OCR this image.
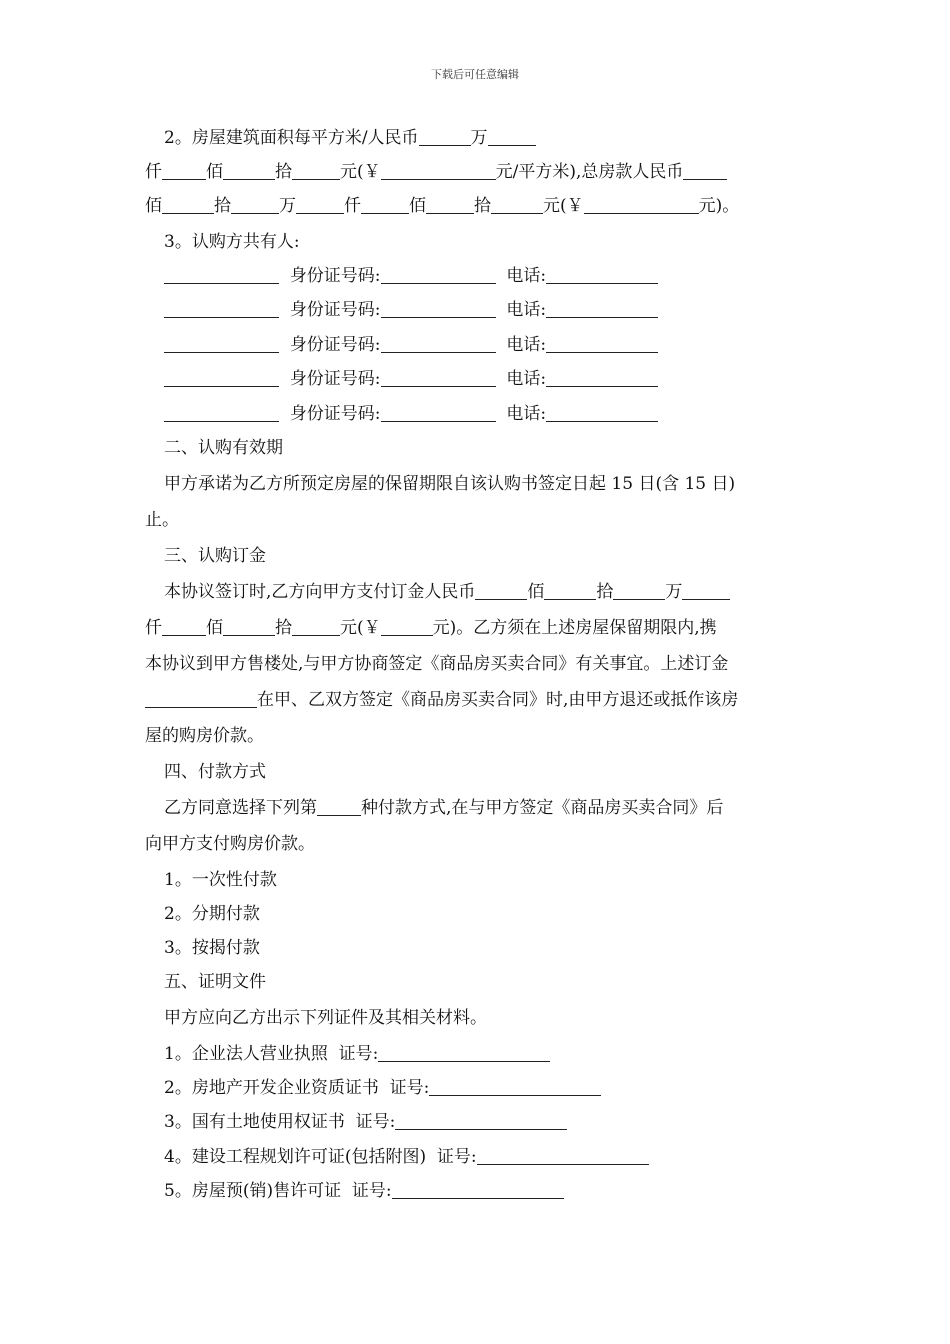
下载后可任意编辑
2。房屋建筑面积每平方米/人民币	万
仟	佰	拾	元(￥	元/平方米),总房款人民币
佰	拾	万	仟	佰	拾	元(￥	元)。
3。认购方共有人:
身份证号码:	电话:
身份证号码:	电话:
身份证号码:	电话:
身份证号码:	电话:
身份证号码:	电话:
二、认购有效期
甲方承诺为乙方所预定房屋的保留期限自该认购书签定日起 15 日(含 15 日)
止。
三、认购订金
本协议签订时,乙方向甲方支付订金人民币	佰	拾	万
仟	佰	拾	元(￥	元)。乙方须在上述房屋保留期限内,携
本协议到甲方售楼处,与甲方协商签定《商品房买卖合同》有关事宜。上述订金
在甲、乙双方签定《商品房买卖合同》时,由甲方退还或抵作该房
屋的购房价款。
四、付款方式
乙方同意选择下列第	种付款方式,在与甲方签定《商品房买卖合同》后
向甲方支付购房价款。
1。一次性付款
2。分期付款
3。按揭付款
五、证明文件
甲方应向乙方出示下列证件及其相关材料。
1。企业法人营业执照  证号:
2。房地产开发企业资质证书  证号:
3。国有土地使用权证书  证号:
4。建设工程规划许可证(包括附图)  证号:
5。房屋预(销)售许可证  证号:
